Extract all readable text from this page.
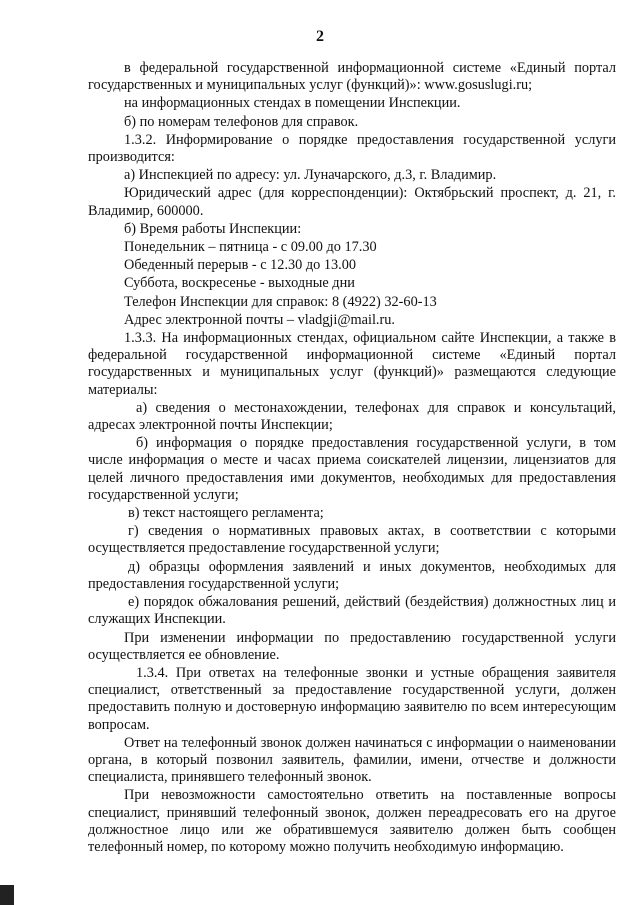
2

в федеральной государственной информационной системе «Единый портал государственных и муниципальных услуг (функций)»: www.gosuslugi.ru;

на информационных стендах в помещении Инспекции.

б) по номерам телефонов для справок.

1.3.2. Информирование о порядке предоставления государственной услуги производится:

а) Инспекцией по адресу: ул. Луначарского, д.3, г. Владимир.

Юридический адрес (для корреспонденции): Октябрьский проспект, д. 21, г. Владимир, 600000.

б) Время работы Инспекции:

Понедельник – пятница - с 09.00 до 17.30

Обеденный перерыв - с 12.30 до 13.00

Суббота, воскресенье - выходные дни

Телефон Инспекции для справок: 8 (4922) 32-60-13

Адрес электронной почты – vladgji@mail.ru.

1.3.3. На информационных стендах, официальном сайте Инспекции, а также в федеральной государственной информационной системе «Единый портал государственных и муниципальных услуг (функций)» размещаются следующие материалы:

а) сведения о местонахождении, телефонах для справок и консультаций, адресах электронной почты Инспекции;

б) информация о порядке предоставления государственной услуги, в том числе информация о месте и часах приема соискателей лицензии, лицензиатов для целей личного предоставления ими документов, необходимых для предоставления государственной услуги;

в) текст настоящего регламента;

г) сведения о нормативных правовых актах, в соответствии с которыми осуществляется предоставление государственной услуги;

д) образцы оформления заявлений и иных документов, необходимых для предоставления государственной услуги;

е) порядок обжалования решений, действий (бездействия) должностных лиц и служащих Инспекции.

При изменении информации по предоставлению государственной услуги осуществляется ее обновление.

1.3.4. При ответах на телефонные звонки и устные обращения заявителя специалист, ответственный за предоставление государственной услуги, должен предоставить полную и достоверную информацию заявителю по всем интересующим вопросам.

Ответ на телефонный звонок должен начинаться с информации о наименовании органа, в который позвонил заявитель, фамилии, имени, отчестве и должности специалиста, принявшего телефонный звонок.

При невозможности самостоятельно ответить на поставленные вопросы специалист, принявший телефонный звонок, должен переадресовать его на другое должностное лицо или же обратившемуся заявителю должен быть сообщен телефонный номер, по которому можно получить необходимую информацию.
